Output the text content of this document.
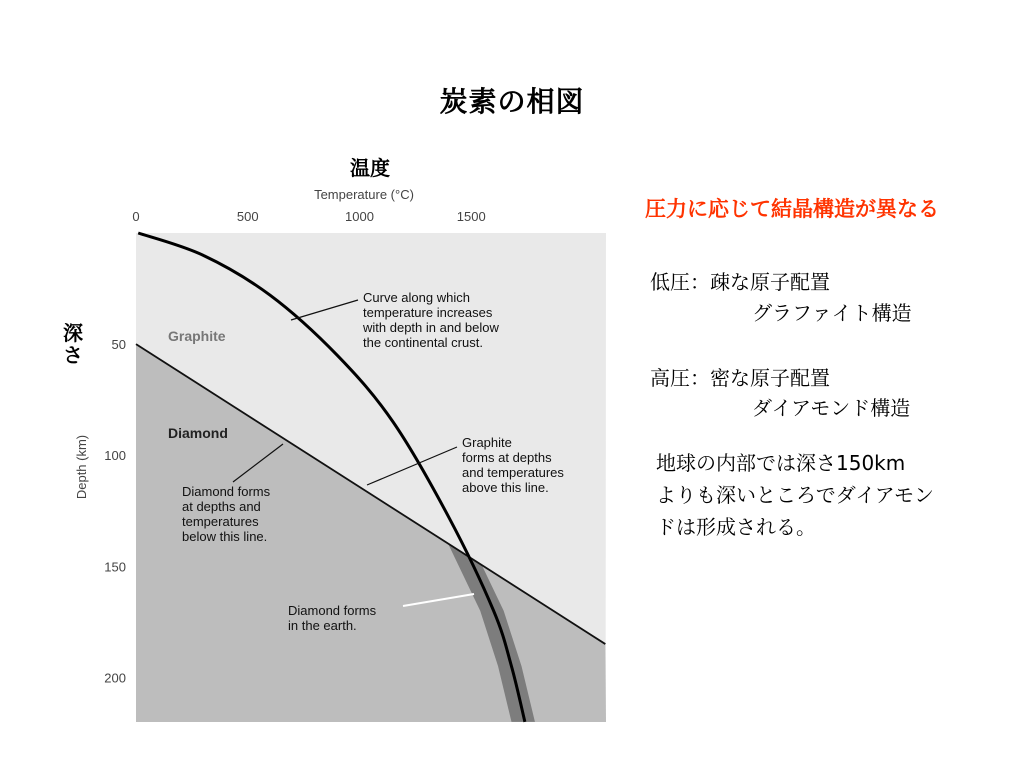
炭素の相図
温度
深さ
圧力に応じて結晶構造が異なる
低圧：疎な原子配置
グラファイト構造
高圧：密な原子配置
ダイアモンド構造
地球の内部では深さ150km
よりも深いところでダイアモン
ドは形成される。
Temperature (°C)
Depth (km)
0	500	1000	1500
50
100
150
200
Graphite
Diamond
Curve along which temperature increases with depth in and below the continental crust.
Graphite forms at depths and temperatures above this line.
Diamond forms at depths and temperatures below this line.
Diamond forms in the earth.
